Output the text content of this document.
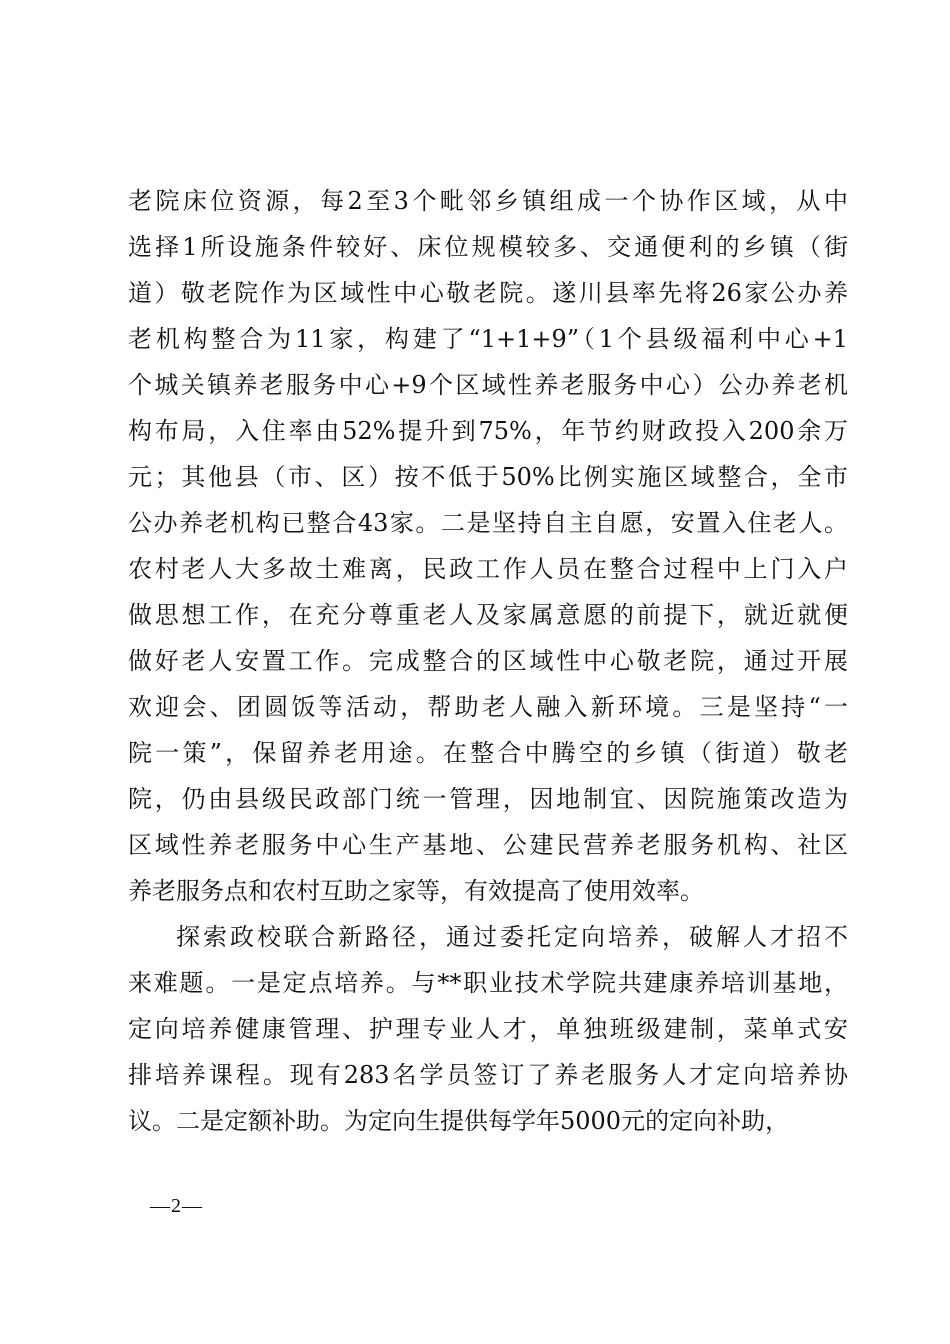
老院床位资源，每2至3个毗邻乡镇组成一个协作区域，从中
选择1所设施条件较好、床位规模较多、交通便利的乡镇（街
道）敬老院作为区域性中心敬老院。遂川县率先将26家公办养
老机构整合为11家，构建了“1+1+9”（1个县级福利中心+1
个城关镇养老服务中心+9个区域性养老服务中心）公办养老机
构布局，入住率由52%提升到75%，年节约财政投入200余万
元；其他县（市、区）按不低于50%比例实施区域整合，全市
公办养老机构已整合43家。二是坚持自主自愿，安置入住老人。
农村老人大多故土难离，民政工作人员在整合过程中上门入户
做思想工作，在充分尊重老人及家属意愿的前提下，就近就便
做好老人安置工作。完成整合的区域性中心敬老院，通过开展
欢迎会、团圆饭等活动，帮助老人融入新环境。三是坚持“一
院一策”，保留养老用途。在整合中腾空的乡镇（街道）敬老
院，仍由县级民政部门统一管理，因地制宜、因院施策改造为
区域性养老服务中心生产基地、公建民营养老服务机构、社区
养老服务点和农村互助之家等，有效提高了使用效率。
探索政校联合新路径，通过委托定向培养，破解人才招不
来难题。一是定点培养。与**职业技术学院共建康养培训基地，
定向培养健康管理、护理专业人才，单独班级建制，菜单式安
排培养课程。现有283名学员签订了养老服务人才定向培养协
议。二是定额补助。为定向生提供每学年5000元的定向补助，
—2—
